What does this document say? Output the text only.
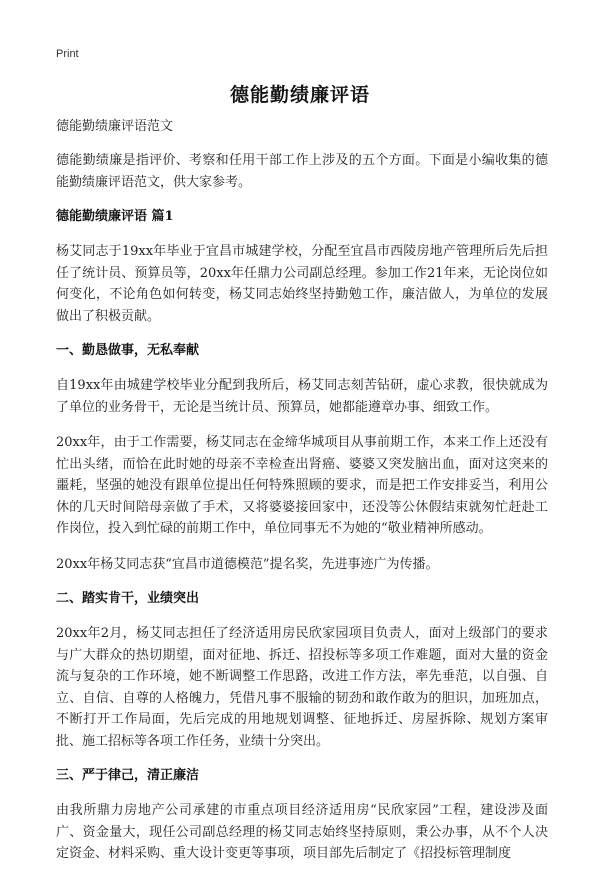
Print
德能勤绩廉评语

德能勤绩廉评语范文

德能勤绩廉是指评价、考察和任用干部工作上涉及的五个方面。下面是小编收集的德能勤绩廉评语范文，供大家参考。

德能勤绩廉评语 篇1

杨艾同志于19xx年毕业于宜昌市城建学校，分配至宜昌市西陵房地产管理所后先后担任了统计员、预算员等，20xx年任鼎力公司副总经理。参加工作21年来，无论岗位如何变化，不论角色如何转变，杨艾同志始终坚持勤勉工作，廉洁做人，为单位的发展做出了积极贡献。

一、勤恳做事，无私奉献

自19xx年由城建学校毕业分配到我所后，杨艾同志刻苦钻研，虚心求教，很快就成为了单位的业务骨干，无论是当统计员、预算员，她都能遵章办事、细致工作。

20xx年，由于工作需要，杨艾同志在金缔华城项目从事前期工作，本来工作上还没有忙出头绪，而恰在此时她的母亲不幸检查出肾癌、婆婆又突发脑出血，面对这突来的噩耗，坚强的她没有跟单位提出任何特殊照顾的要求，而是把工作安排妥当，利用公休的几天时间陪母亲做了手术，又将婆婆接回家中，还没等公休假结束就匆忙赶赴工作岗位，投入到忙碌的前期工作中，单位同事无不为她的“敬业精神所感动。

20xx年杨艾同志获“宜昌市道德模范”提名奖，先进事迹广为传播。

二、踏实肯干，业绩突出

20xx年2月，杨艾同志担任了经济适用房民欣家园项目负责人，面对上级部门的要求与广大群众的热切期望，面对征地、拆迁、招投标等多项工作难题，面对大量的资金流与复杂的工作环境，她不断调整工作思路，改进工作方法，率先垂范，以自强、自立、自信、自尊的人格魄力，凭借凡事不服输的韧劲和敢作敢为的胆识，加班加点，不断打开工作局面，先后完成的用地规划调整、征地拆迁、房屋拆除、规划方案审批、施工招标等各项工作任务，业绩十分突出。

三、严于律己，清正廉洁

由我所鼎力房地产公司承建的市重点项目经济适用房“民欣家园”工程，建设涉及面广、资金量大，现任公司副总经理的杨艾同志始终坚持原则，秉公办事，从不个人决定资金、材料采购、重大设计变更等事项，项目部先后制定了《招投标管理制度
